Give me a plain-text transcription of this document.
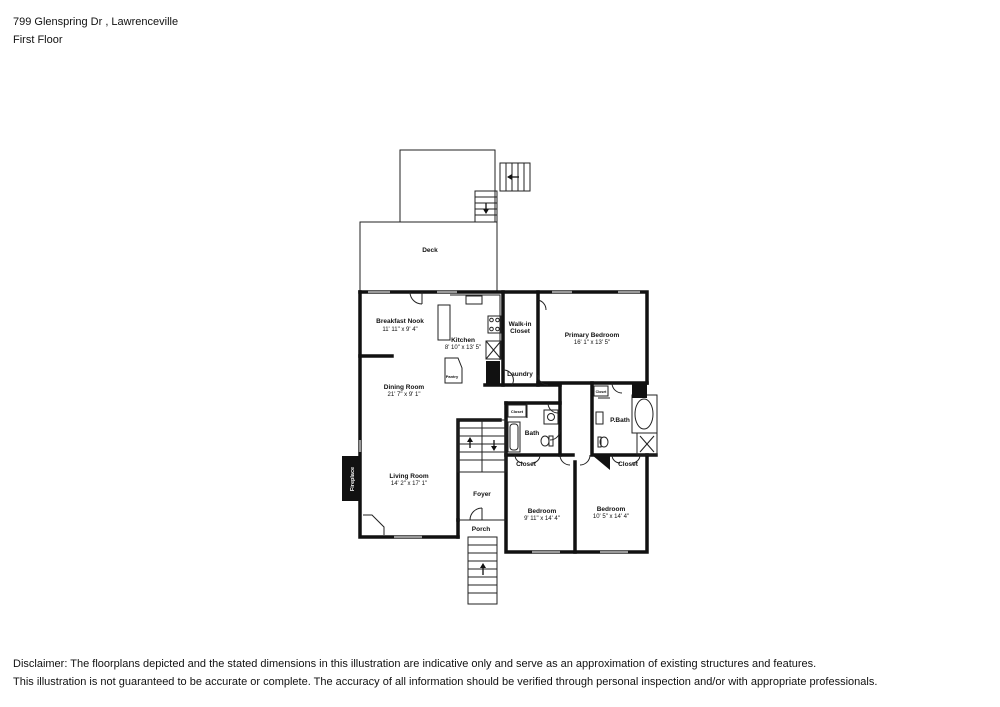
799 Glenspring Dr , Lawrenceville
First Floor
Deck
Fireplace
Pantry
Breakfast Nook
11' 11" x 9' 4"
Kitchen
8' 10" x 13' 5"
Walk-in
Closet
Primary Bedroom
16' 1" x 13' 5"
Laundry
Dining Room
21' 7" x 9' 1"
Closet
Bath
Closet
P.Bath
Closet	Closet
Living Room
14' 2" x 17' 1"
Foyer
Bedroom
9' 11" x 14' 4"
Bedroom
10' 5" x 14' 4"
Porch
Disclaimer: The floorplans depicted and the stated dimensions in this illustration are indicative only and serve as an approximation of existing structures and features.
This illustration is not guaranteed to be accurate or complete. The accuracy of all information should be verified through personal inspection and/or with appropriate professionals.
